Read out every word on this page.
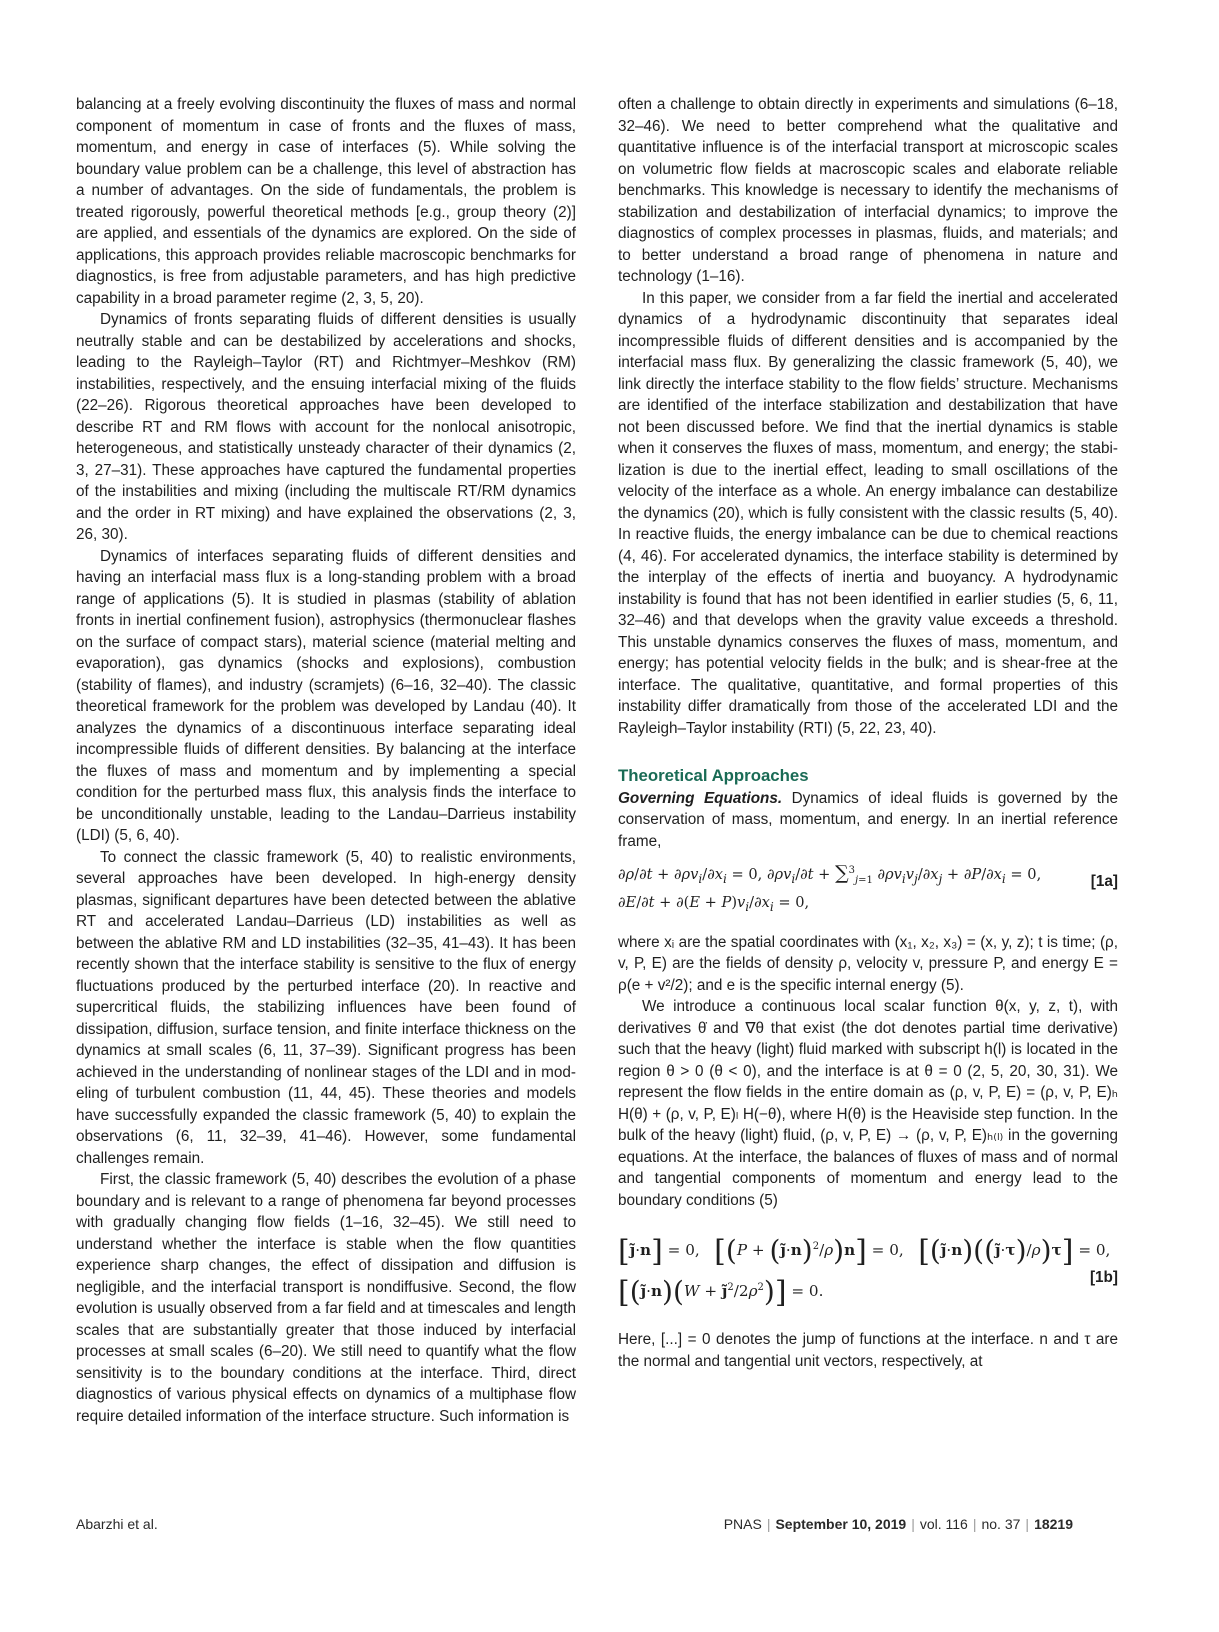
balancing at a freely evolving discontinuity the fluxes of mass and normal component of momentum in case of fronts and the fluxes of mass, momentum, and energy in case of interfaces (5). While solving the boundary value problem can be a challenge, this level of abstraction has a number of advantages. On the side of fundamentals, the problem is treated rigorously, powerful theoretical methods [e.g., group theory (2)] are applied, and essentials of the dynamics are explored. On the side of applications, this approach provides reliable macroscopic benchmarks for diagnostics, is free from adjustable parameters, and has high predictive capability in a broad parameter regime (2, 3, 5, 20).

Dynamics of fronts separating fluids of different densities is usually neutrally stable and can be destabilized by accelerations and shocks, leading to the Rayleigh–Taylor (RT) and Richtmyer–Meshkov (RM) instabilities, respectively, and the ensuing interfacial mixing of the fluids (22–26). Rigorous theoretical approaches have been developed to describe RT and RM flows with account for the nonlocal anisotropic, heterogeneous, and statistically unsteady character of their dynamics (2, 3, 27–31). These approaches have captured the fundamental properties of the instabilities and mixing (including the multiscale RT/RM dynamics and the order in RT mixing) and have explained the observations (2, 3, 26, 30).

Dynamics of interfaces separating fluids of different densities and having an interfacial mass flux is a long-standing problem with a broad range of applications (5). It is studied in plasmas (stability of ablation fronts in inertial confinement fusion), astrophysics (thermonuclear flashes on the surface of compact stars), material science (material melting and evaporation), gas dynamics (shocks and explosions), combustion (stability of flames), and industry (scramjets) (6–16, 32–40). The classic theoretical framework for the problem was developed by Landau (40). It analyzes the dynamics of a discontinuous interface separating ideal incompressible fluids of different densities. By balancing at the interface the fluxes of mass and momentum and by implementing a special condition for the perturbed mass flux, this analysis finds the interface to be unconditionally unstable, leading to the Landau–Darrieus instability (LDI) (5, 6, 40).

To connect the classic framework (5, 40) to realistic environments, several approaches have been developed. In high-energy density plasmas, significant departures have been detected between the ablative RT and accelerated Landau–Darrieus (LD) instabilities as well as between the ablative RM and LD instabilities (32–35, 41–43). It has been recently shown that the interface stability is sensitive to the flux of energy fluctuations produced by the perturbed interface (20). In reactive and supercritical fluids, the stabilizing influences have been found of dissipation, diffusion, surface tension, and finite interface thickness on the dynamics at small scales (6, 11, 37–39). Significant progress has been achieved in the understanding of nonlinear stages of the LDI and in modeling of turbulent combustion (11, 44, 45). These theories and models have successfully expanded the classic framework (5, 40) to explain the observations (6, 11, 32–39, 41–46). However, some fundamental challenges remain.

First, the classic framework (5, 40) describes the evolution of a phase boundary and is relevant to a range of phenomena far beyond processes with gradually changing flow fields (1–16, 32–45). We still need to understand whether the interface is stable when the flow quantities experience sharp changes, the effect of dissipation and diffusion is negligible, and the interfacial transport is nondiffusive. Second, the flow evolution is usually observed from a far field and at timescales and length scales that are substantially greater that those induced by interfacial processes at small scales (6–20). We still need to quantify what the flow sensitivity is to the boundary conditions at the interface. Third, direct diagnostics of various physical effects on dynamics of a multiphase flow require detailed information of the interface structure. Such information is

often a challenge to obtain directly in experiments and simulations (6–18, 32–46). We need to better comprehend what the qualitative and quantitative influence is of the interfacial transport at microscopic scales on volumetric flow fields at macroscopic scales and elaborate reliable benchmarks. This knowledge is necessary to identify the mechanisms of stabilization and destabilization of interfacial dynamics; to improve the diagnostics of complex processes in plasmas, fluids, and materials; and to better understand a broad range of phenomena in nature and technology (1–16).

In this paper, we consider from a far field the inertial and accelerated dynamics of a hydrodynamic discontinuity that separates ideal incompressible fluids of different densities and is accompanied by the interfacial mass flux. By generalizing the classic framework (5, 40), we link directly the interface stability to the flow fields’ structure. Mechanisms are identified of the interface stabilization and destabilization that have not been discussed before. We find that the inertial dynamics is stable when it conserves the fluxes of mass, momentum, and energy; the stabilization is due to the inertial effect, leading to small oscillations of the velocity of the interface as a whole. An energy imbalance can destabilize the dynamics (20), which is fully consistent with the classic results (5, 40). In reactive fluids, the energy imbalance can be due to chemical reactions (4, 46). For accelerated dynamics, the interface stability is determined by the interplay of the effects of inertia and buoyancy. A hydrodynamic instability is found that has not been identified in earlier studies (5, 6, 11, 32–46) and that develops when the gravity value exceeds a threshold. This unstable dynamics conserves the fluxes of mass, momentum, and energy; has potential velocity fields in the bulk; and is shear-free at the interface. The qualitative, quantitative, and formal properties of this instability differ dramatically from those of the accelerated LDI and the Rayleigh–Taylor instability (RTI) (5, 22, 23, 40).

Theoretical Approaches

Governing Equations. Dynamics of ideal fluids is governed by the conservation of mass, momentum, and energy. In an inertial reference frame,

$\partial\rho/\partial t + \partial\rho v_i/\partial x_i = 0$, $\partial\rho v_i/\partial t + \sum^3_{j=1}$ $\partial\rho v_iv_j/\partial x_j + \partial P/\partial x_i = 0$,
$\partial E/\partial t + \partial(E + P)v_i/\partial x_i = 0$,
[1a]

where xᵢ are the spatial coordinates with (x₁, x₂, x₃) = (x, y, z); t is time; (ρ, v, P, E) are the fields of density ρ, velocity v, pressure P, and energy E = ρ(e + v²/2); and e is the specific internal energy (5).

We introduce a continuous local scalar function θ(x, y, z, t), with derivatives θ̇ and ∇θ that exist (the dot denotes partial time derivative) such that the heavy (light) fluid marked with subscript h(l) is located in the region θ > 0 (θ < 0), and the interface is at θ = 0 (2, 5, 20, 30, 31). We represent the flow fields in the entire domain as (ρ, v, P, E) = (ρ, v, P, E)ₕ H(θ) + (ρ, v, P, E)ₗ H(−θ), where H(θ) is the Heaviside step function. In the bulk of the heavy (light) fluid, (ρ, v, P, E) → (ρ, v, P, E)ₕ₍ₗ₎ in the governing equations. At the interface, the balances of fluxes of mass and of normal and tangential components of momentum and energy lead to the boundary conditions (5)

[j̃·n] = 0,   [(P + (j̃·n)$^2$/ρ)n] = 0,   [(j̃·n)((j̃·τ)/ρ)τ] = 0,
[(j̃·n)(W + $j̃^2/2\rho^2)] = 0$.
[1b]

Here, [...] = 0 denotes the jump of functions at the interface. n and τ are the normal and tangential unit vectors, respectively, at

Abarzhi et al.	PNAS | September 10, 2019 | vol. 116 | no. 37 | 18219
